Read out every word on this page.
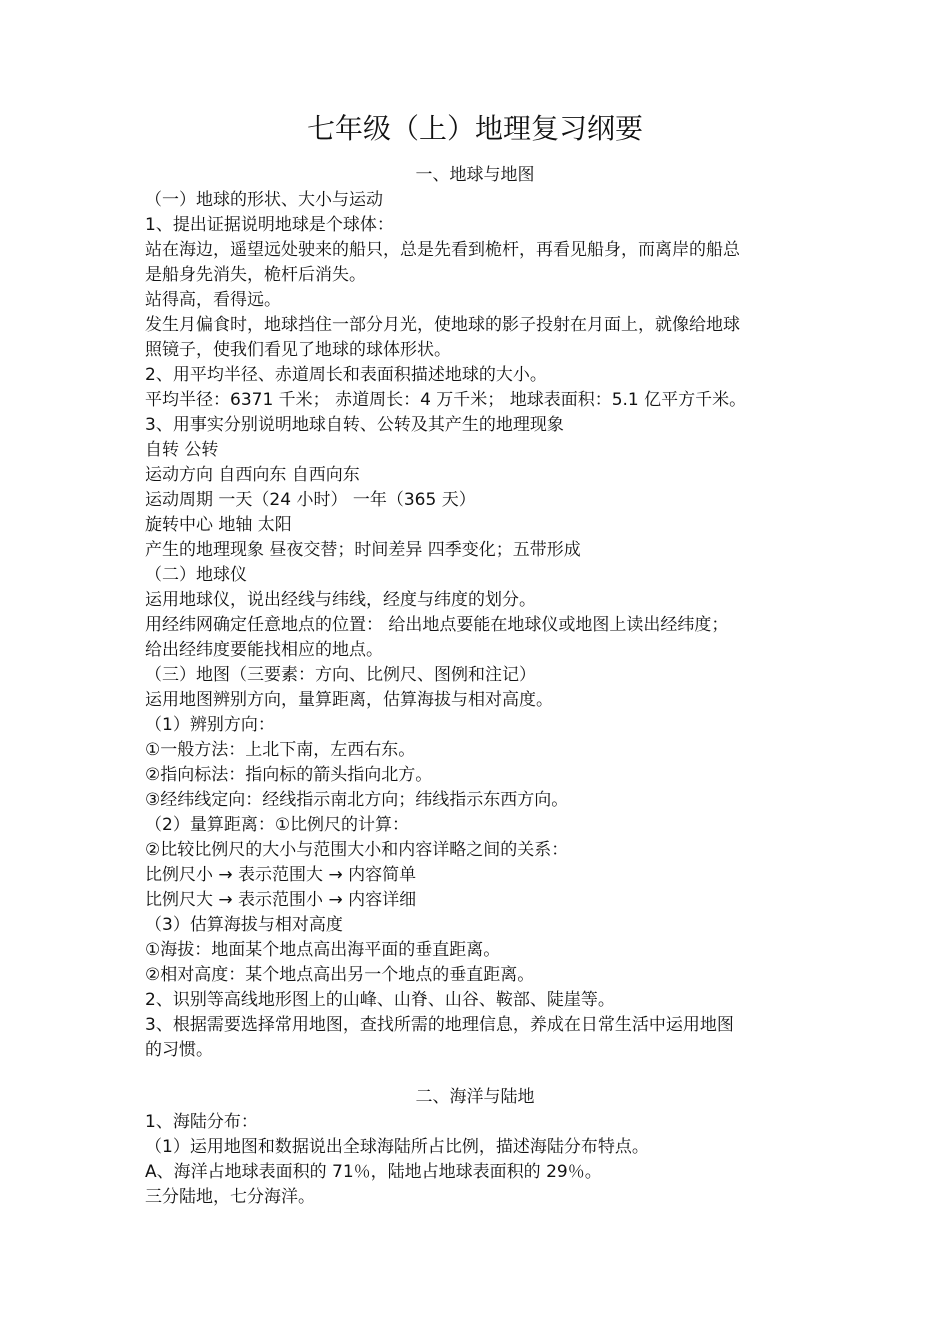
七年级（上）地理复习纲要
一、地球与地图
（一）地球的形状、大小与运动
1、提出证据说明地球是个球体：
站在海边，遥望远处驶来的船只，总是先看到桅杆，再看见船身，而离岸的船总
是船身先消失，桅杆后消失。
站得高，看得远。
发生月偏食时，地球挡住一部分月光，使地球的影子投射在月面上，就像给地球
照镜子，使我们看见了地球的球体形状。
2、用平均半径、赤道周长和表面积描述地球的大小。
平均半径：6371 千米； 赤道周长：4 万千米； 地球表面积：5.1 亿平方千米。
3、用事实分别说明地球自转、公转及其产生的地理现象
自转 公转
运动方向 自西向东 自西向东
运动周期 一天（24 小时） 一年（365 天）
旋转中心 地轴 太阳
产生的地理现象 昼夜交替；时间差异 四季变化；五带形成
（二）地球仪
运用地球仪，说出经线与纬线，经度与纬度的划分。
用经纬网确定任意地点的位置： 给出地点要能在地球仪或地图上读出经纬度；
给出经纬度要能找相应的地点。
（三）地图（三要素：方向、比例尺、图例和注记）
运用地图辨别方向，量算距离，估算海拔与相对高度。
（1）辨别方向：
①一般方法：上北下南，左西右东。
②指向标法：指向标的箭头指向北方。
③经纬线定向：经线指示南北方向；纬线指示东西方向。
（2）量算距离：①比例尺的计算：
②比较比例尺的大小与范围大小和内容详略之间的关系：
比例尺小 → 表示范围大 → 内容简单
比例尺大 → 表示范围小 → 内容详细
（3）估算海拔与相对高度
①海拔：地面某个地点高出海平面的垂直距离。
②相对高度：某个地点高出另一个地点的垂直距离。
2、识别等高线地形图上的山峰、山脊、山谷、鞍部、陡崖等。
3、根据需要选择常用地图，查找所需的地理信息，养成在日常生活中运用地图
的习惯。
二、海洋与陆地
1、海陆分布：
（1）运用地图和数据说出全球海陆所占比例，描述海陆分布特点。
A、海洋占地球表面积的 71％，陆地占地球表面积的 29％。
三分陆地，七分海洋。
